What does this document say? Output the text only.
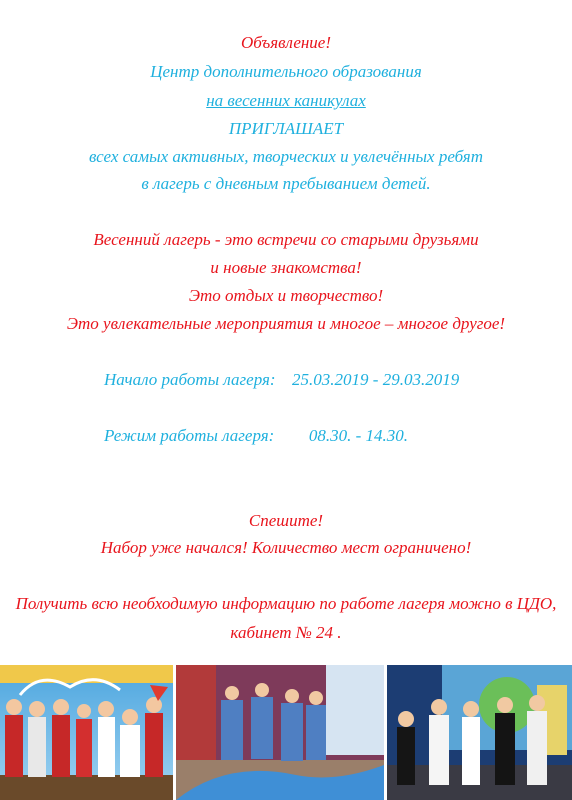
Объявление!
Центр дополнительного образования
на весенних каникулах
ПРИГЛАШАЕТ
всех самых активных, творческих и увлечённых ребят
в лагерь с дневным пребыванием детей.
Весенний лагерь - это встречи со старыми друзьями
и новые знакомства!
Это отдых и творчество!
Это увлекательные мероприятия и многое – многое другое!
Начало работы лагеря: 25.03.2019 - 29.03.2019
Режим работы лагеря: 08.30. - 14.30.
Спешите!
Набор уже начался! Количество мест ограничено!
Получить всю необходимую информацию по работе лагеря можно в ЦДО,
кабинет № 24 .
